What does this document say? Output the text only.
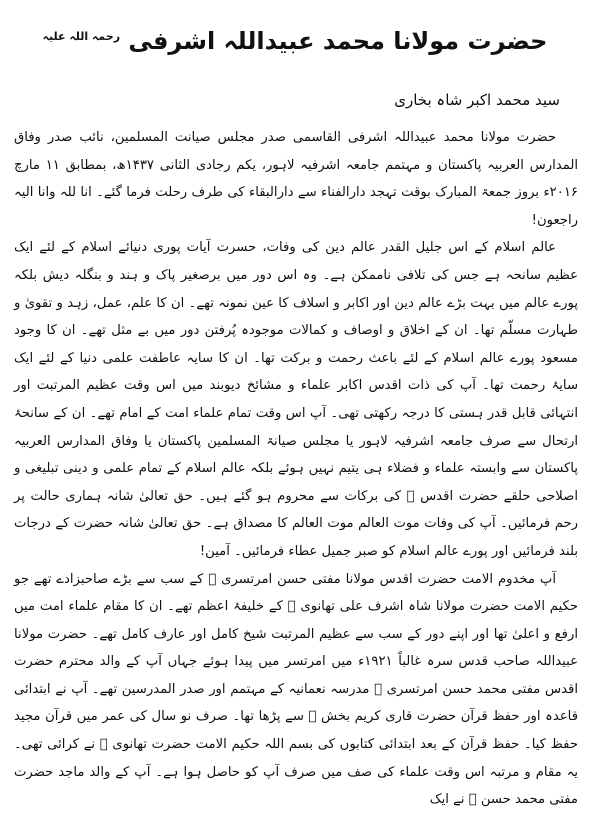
حضرت مولانا محمد عبیداللہ اشرفی $^{رحمہ اللہ علیہ}$
سید محمد اکبر شاہ بخاری

حضرت مولانا محمد عبیداللہ اشرفی القاسمی صدر مجلس صیانت المسلمین، نائب صدر وفاق المدارس العربیہ پاکستان و مہتمم جامعہ اشرفیہ لاہور، یکم رجادی الثانی ۱۴۳۷ھ، بمطابق ۱۱ مارچ ۲۰۱۶ء بروز جمعۃ المبارک بوقت تہجد دارالفناء سے دارالبقاء کی طرف رحلت فرما گئے۔ انا للہ وانا الیہ راجعون!

عالم اسلام کے اس جلیل القدر عالم دین کی وفات، حسرت آیات پوری دنیائے اسلام کے لئے ایک عظیم سانحہ ہے جس کی تلافی ناممکن ہے۔ وہ اس دور میں برصغیر پاک و ہند و بنگلہ دیش بلکہ پورے عالم میں بہت بڑے عالم دین اور اکابر و اسلاف کا عین نمونہ تھے۔ ان کا علم، عمل، زہد و تقویٰ و طہارت مسلّم تھا۔ ان کے اخلاق و اوصاف و کمالات موجودہ پُرفتن دور میں بے مثل تھے۔ ان کا وجود مسعود پورے عالم اسلام کے لئے باعث رحمت و برکت تھا۔ ان کا سایہ عاطفت علمی دنیا کے لئے ایک سایۂ رحمت تھا۔ آپ کی ذات اقدس اکابر علماء و مشائخ دیوبند میں اس وقت عظیم المرتبت اور انتہائی قابل قدر ہستی کا درجہ رکھتی تھی۔ آپ اس وقت تمام علماء امت کے امام تھے۔ ان کے سانحۂ ارتحال سے صرف جامعہ اشرفیہ لاہور یا مجلس صیانۃ المسلمین پاکستان یا وفاق المدارس العربیہ پاکستان سے وابستہ علماء و فضلاء ہی یتیم نہیں ہوئے بلکہ عالم اسلام کے تمام علمی و دینی تبلیغی و اصلاحی حلقے حضرت اقدس ﷫ کی برکات سے محروم ہو گئے ہیں۔ حق تعالیٰ شانہ ہماری حالت پر رحم فرمائیں۔ آپ کی وفات موت العالم موت العالم کا مصداق ہے۔ حق تعالیٰ شانہ حضرت کے درجات بلند فرمائیں اور پورے عالم اسلام کو صبر جمیل عطاء فرمائیں۔ آمین!

آپ مخدوم الامت حضرت اقدس مولانا مفتی حسن امرتسری ﷫ کے سب سے بڑے صاحبزادے تھے جو حکیم الامت حضرت مولانا شاہ اشرف علی تھانوی ﷫ کے خلیفۂ اعظم تھے۔ ان کا مقام علماء امت میں ارفع و اعلیٰ تھا اور اپنے دور کے سب سے عظیم المرتبت شیخ کامل اور عارف کامل تھے۔ حضرت مولانا عبیداللہ صاحب قدس سرہ غالباً ۱۹۲۱ء میں امرتسر میں پیدا ہوئے جہاں آپ کے والد محترم حضرت اقدس مفتی محمد حسن امرتسری ﷫ مدرسہ نعمانیہ کے مہتمم اور صدر المدرسین تھے۔ آپ نے ابتدائی قاعدہ اور حفظ قرآن حضرت قاری کریم بخش ﷫ سے پڑھا تھا۔ صرف نو سال کی عمر میں قرآن مجید حفظ کیا۔ حفظ قرآن کے بعد ابتدائی کتابوں کی بسم اللہ حکیم الامت حضرت تھانوی ﷫ نے کرائی تھی۔ یہ مقام و مرتبہ اس وقت علماء کی صف میں صرف آپ کو حاصل ہوا ہے۔ آپ کے والد ماجد حضرت مفتی محمد حسن ﷫ نے ایک
